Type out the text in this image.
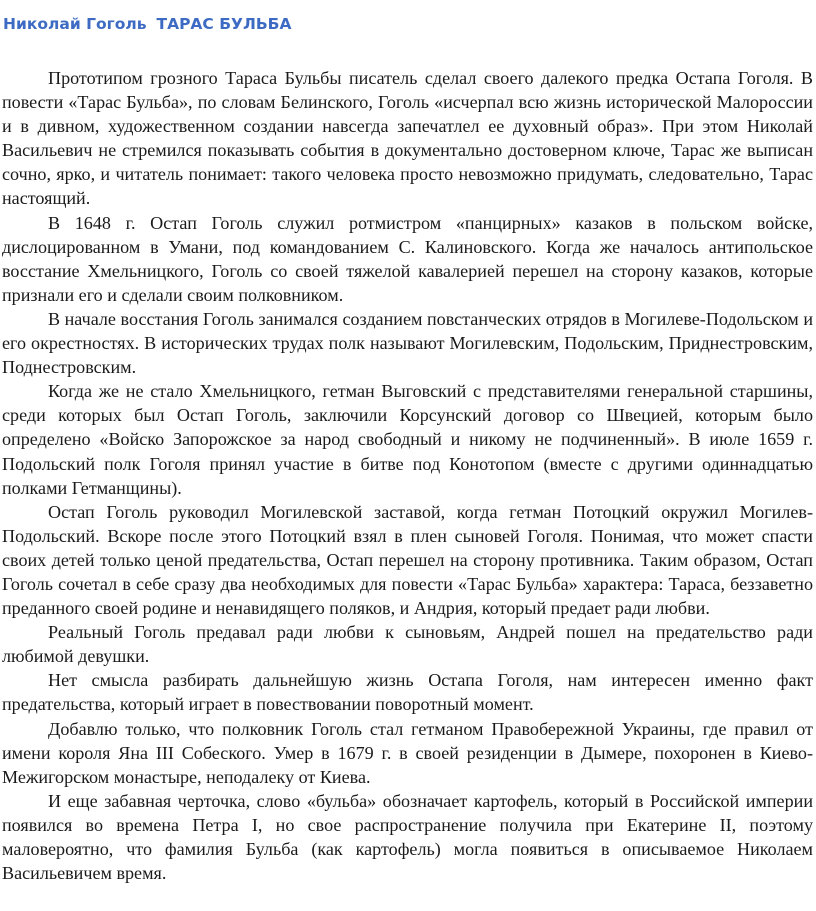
Николай Гоголь ТАРАС БУЛЬБА

Прототипом грозного Тараса Бульбы писатель сделал своего далекого предка Остапа Гоголя. В повести «Тарас Бульба», по словам Белинского, Гоголь «исчерпал всю жизнь исторической Малороссии и в дивном, художественном создании навсегда запечатлел ее духовный образ». При этом Николай Васильевич не стремился показывать события в документально достоверном ключе, Тарас же выписан сочно, ярко, и читатель понимает: такого человека просто невозможно придумать, следовательно, Тарас настоящий.

В 1648 г. Остап Гоголь служил ротмистром «панцирных» казаков в польском войске, дислоцированном в Умани, под командованием С. Калиновского. Когда же началось антипольское восстание Хмельницкого, Гоголь со своей тяжелой кавалерией перешел на сторону казаков, которые признали его и сделали своим полковником.

В начале восстания Гоголь занимался созданием повстанческих отрядов в Могилеве-Подольском и его окрестностях. В исторических трудах полк называют Могилевским, Подольским, Приднестровским, Поднестровским.

Когда же не стало Хмельницкого, гетман Выговский с представителями генеральной старшины, среди которых был Остап Гоголь, заключили Корсунский договор со Швецией, которым было определено «Войско Запорожское за народ свободный и никому не подчиненный». В июле 1659 г. Подольский полк Гоголя принял участие в битве под Конотопом (вместе с другими одиннадцатью полками Гетманщины).

Остап Гоголь руководил Могилевской заставой, когда гетман Потоцкий окружил Могилев-Подольский. Вскоре после этого Потоцкий взял в плен сыновей Гоголя. Понимая, что может спасти своих детей только ценой предательства, Остап перешел на сторону противника. Таким образом, Остап Гоголь сочетал в себе сразу два необходимых для повести «Тарас Бульба» характера: Тараса, беззаветно преданного своей родине и ненавидящего поляков, и Андрия, который предает ради любви.

Реальный Гоголь предавал ради любви к сыновьям, Андрей пошел на предательство ради любимой девушки.

Нет смысла разбирать дальнейшую жизнь Остапа Гоголя, нам интересен именно факт предательства, который играет в повествовании поворотный момент.

Добавлю только, что полковник Гоголь стал гетманом Правобережной Украины, где правил от имени короля Яна III Собеского. Умер в 1679 г. в своей резиденции в Дымере, похоронен в Киево-Межигорском монастыре, неподалеку от Киева.

И еще забавная черточка, слово «бульба» обозначает картофель, который в Российской империи появился во времена Петра I, но свое распространение получила при Екатерине II, поэтому маловероятно, что фамилия Бульба (как картофель) могла появиться в описываемое Николаем Васильевичем время.
